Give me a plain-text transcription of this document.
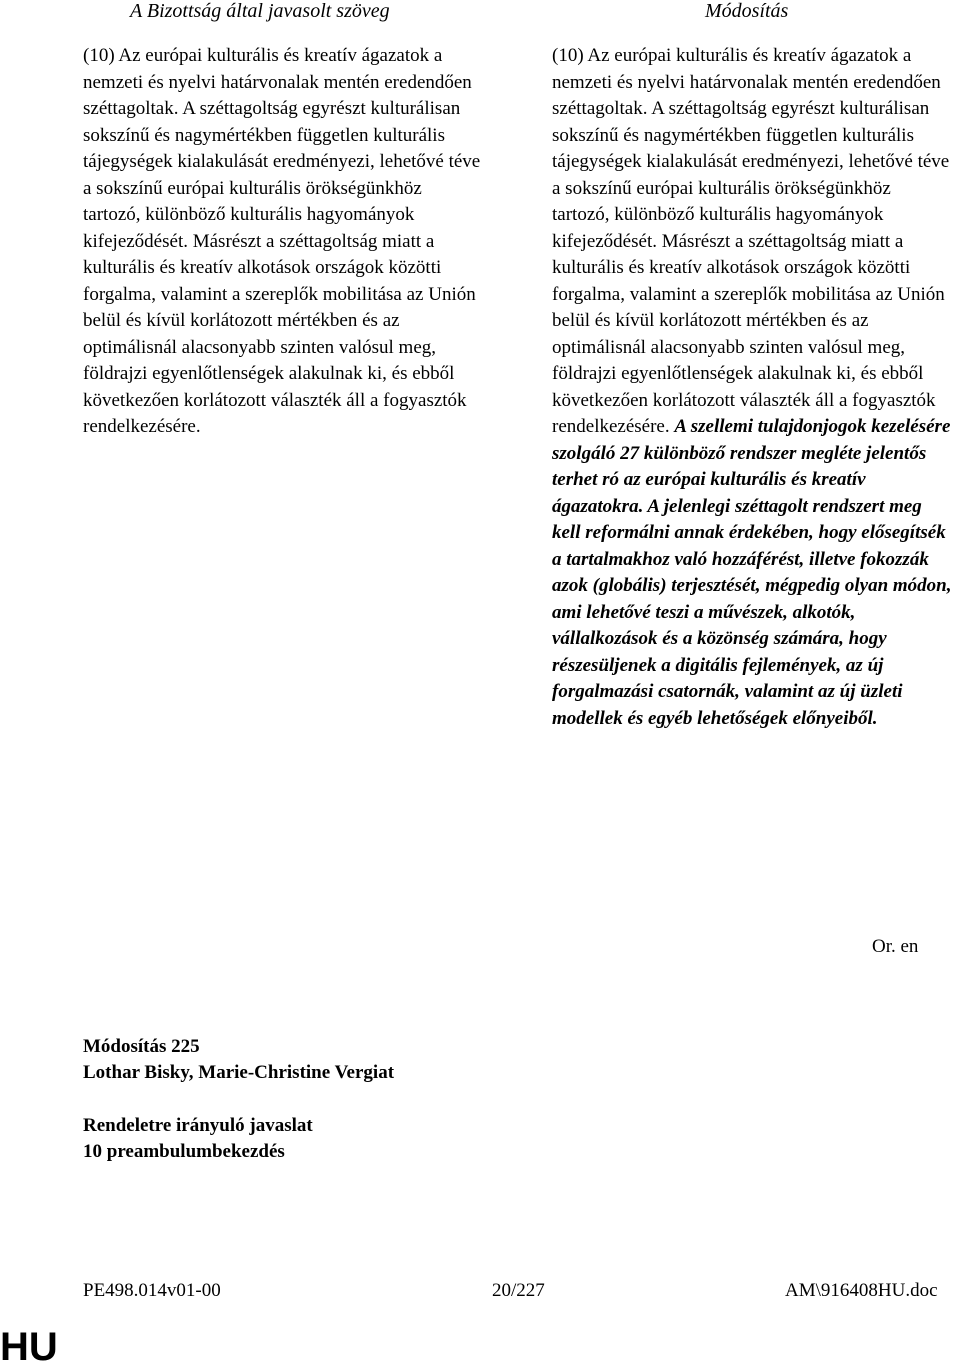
A Bizottság által javasolt szöveg	Módosítás

(10) Az európai kulturális és kreatív ágazatok a nemzeti és nyelvi határvonalak mentén eredendően széttagoltak. A széttagoltság egyrészt kulturálisan sokszínű és nagymértékben független kulturális tájegységek kialakulását eredményezi, lehetővé téve a sokszínű európai kulturális örökségünkhöz tartozó, különböző kulturális hagyományok kifejeződését. Másrészt a széttagoltság miatt a kulturális és kreatív alkotások országok közötti forgalma, valamint a szereplők mobilitása az Unión belül és kívül korlátozott mértékben és az optimálisnál alacsonyabb szinten valósul meg, földrajzi egyenlőtlenségek alakulnak ki, és ebből következően korlátozott választék áll a fogyasztók rendelkezésére.

(10) Az európai kulturális és kreatív ágazatok a nemzeti és nyelvi határvonalak mentén eredendően széttagoltak. A széttagoltság egyrészt kulturálisan sokszínű és nagymértékben független kulturális tájegységek kialakulását eredményezi, lehetővé téve a sokszínű európai kulturális örökségünkhöz tartozó, különböző kulturális hagyományok kifejeződését. Másrészt a széttagoltság miatt a kulturális és kreatív alkotások országok közötti forgalma, valamint a szereplők mobilitása az Unión belül és kívül korlátozott mértékben és az optimálisnál alacsonyabb szinten valósul meg, földrajzi egyenlőtlenségek alakulnak ki, és ebből következően korlátozott választék áll a fogyasztók rendelkezésére. A szellemi tulajdonjogok kezelésére szolgáló 27 különböző rendszer megléte jelentős terhet ró az európai kulturális és kreatív ágazatokra. A jelenlegi széttagolt rendszert meg kell reformálni annak érdekében, hogy elősegítsék a tartalmakhoz való hozzáférést, illetve fokozzák azok (globális) terjesztését, mégpedig olyan módon, ami lehetővé teszi a művészek, alkotók, vállalkozások és a közönség számára, hogy részesüljenek a digitális fejlemények, az új forgalmazási csatornák, valamint az új üzleti modellek és egyéb lehetőségek előnyeiből.

Or. en
Módosítás 225
Lothar Bisky, Marie-Christine Vergiat
Rendeletre irányuló javaslat
10 preambulumbekezdés
PE498.014v01-00	20/227	AM\916408HU.doc
HU
